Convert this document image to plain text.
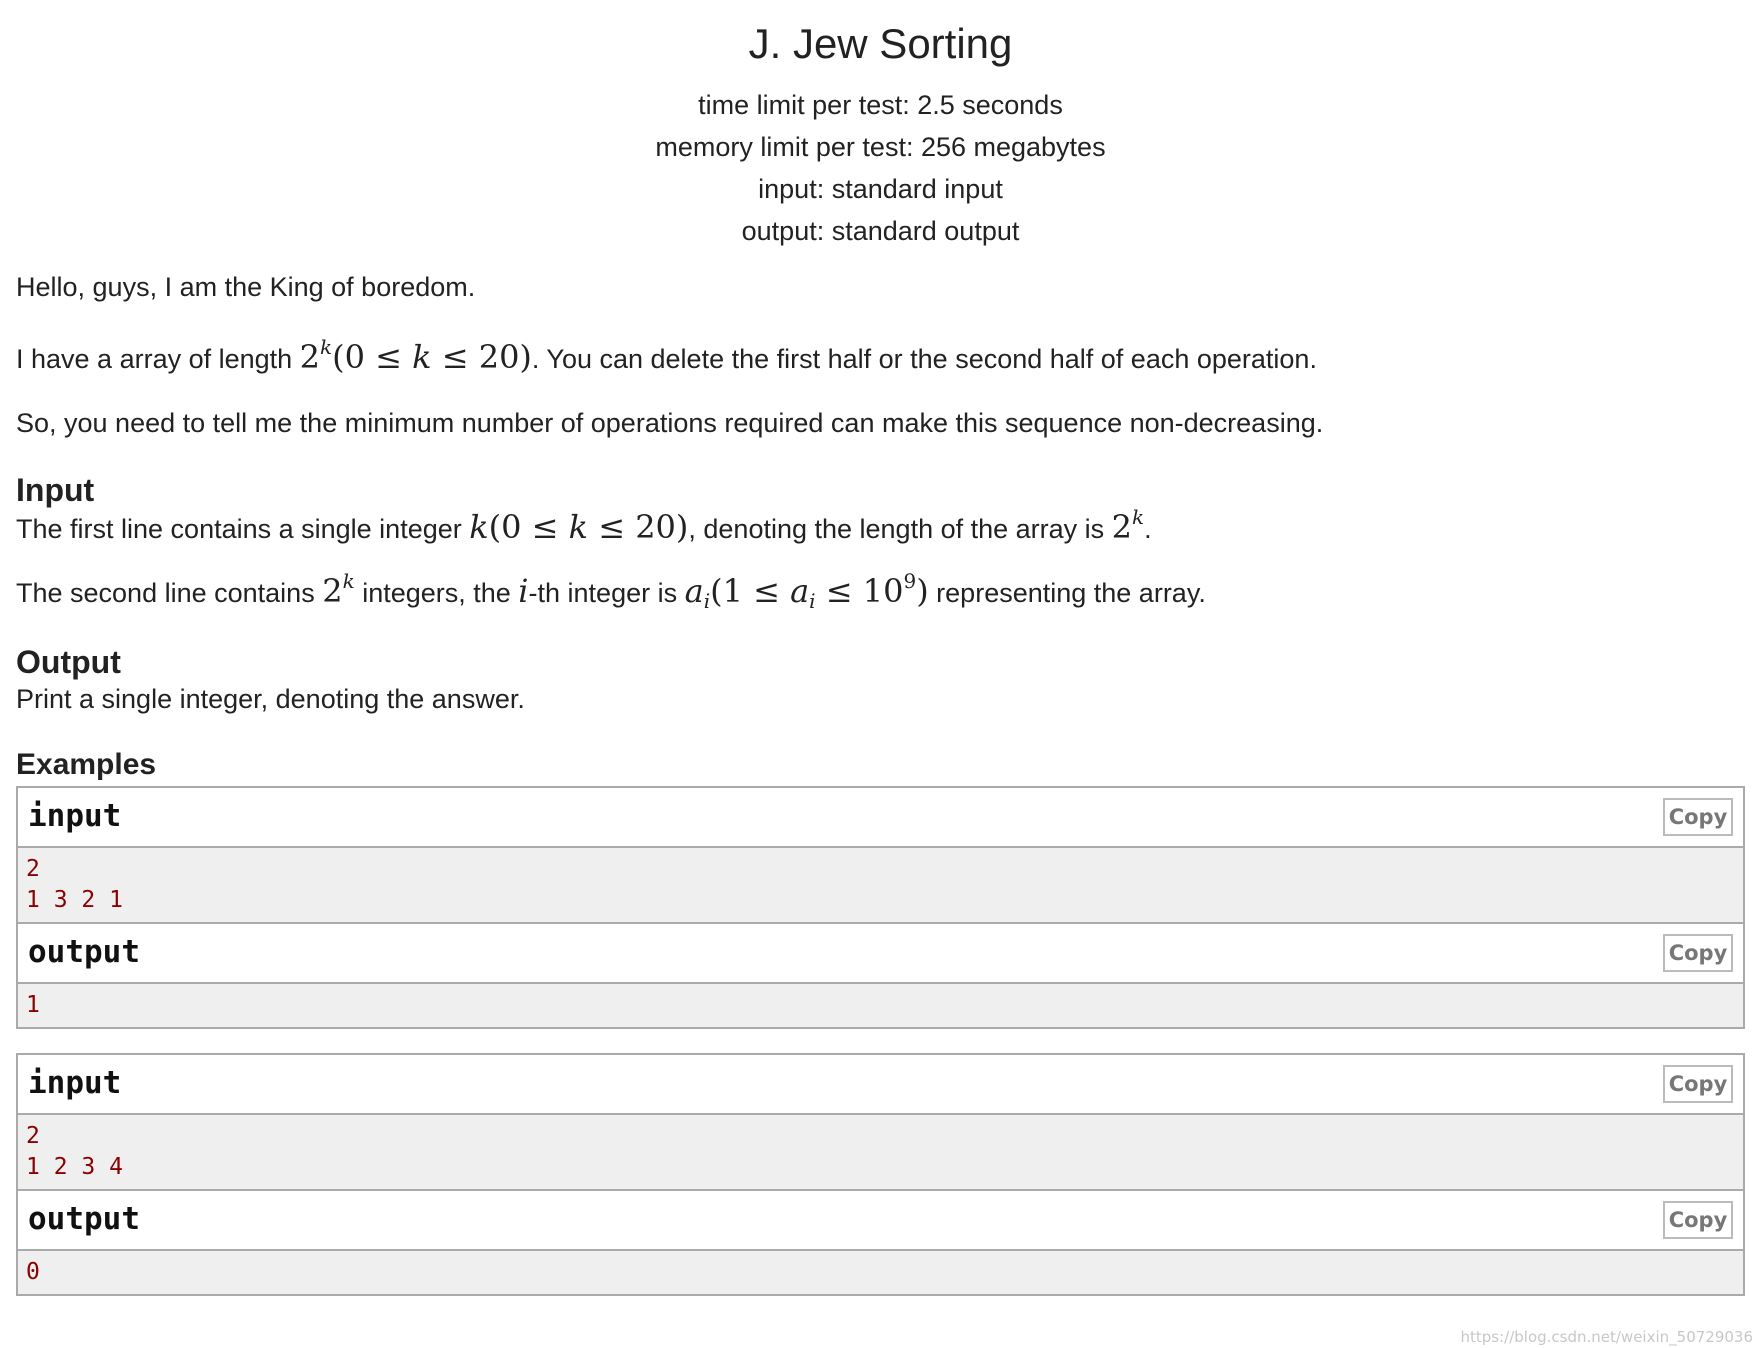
J. Jew Sorting
time limit per test: 2.5 seconds
memory limit per test: 256 megabytes
input: standard input
output: standard output

Hello, guys, I am the King of boredom.

I have a array of length $2^k(0 \le k \le 20)$. You can delete the first half or the second half of each operation.

So, you need to tell me the minimum number of operations required can make this sequence non-decreasing.

Input

The first line contains a single integer k(0 ≤ k ≤ 20), denoting the length of the array is 2$^k$.

The second line contains 2$^k$ integers, the i-th integer is $a_i(1 \le a_i \le 10^9)$ representing the array.

Output

Print a single integer, denoting the answer.

Examples
input	Copy
2
1 3 2 1
output	Copy
1
input	Copy
2
1 2 3 4
output	Copy
0
https://blog.csdn.net/weixin_50729036
